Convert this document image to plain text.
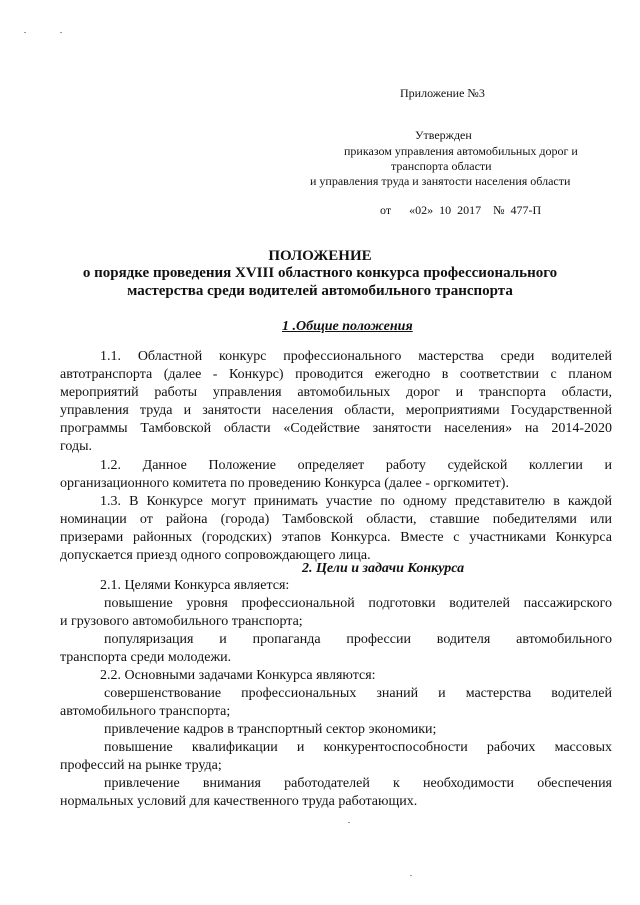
Приложение №3
Утвержден
приказом управления автомобильных дорог и
транспорта области
и управления труда и занятости населения области
от      «02»  10  2017    №  477-П
ПОЛОЖЕНИЕ
о порядке проведения XVIII областного конкурса профессионального
мастерства среди водителей автомобильного транспорта
1 .Общие положения
1.1. Областной конкурс профессионального мастерства среди водителей
автотранспорта (далее - Конкурс) проводится ежегодно в соответствии с планом
мероприятий работы управления автомобильных дорог и транспорта области,
управления труда и занятости населения области, мероприятиями Государственной
программы Тамбовской области «Содействие занятости населения» на 2014-2020
годы.
1.2. Данное Положение определяет работу судейской коллегии и
организационного комитета по проведению Конкурса (далее - оргкомитет).
1.3. В Конкурсе могут принимать участие по одному представителю в каждой
номинации от района (города) Тамбовской области, ставшие победителями или
призерами районных (городских) этапов Конкурса. Вместе с участниками Конкурса
допускается приезд одного сопровождающего лица.
2. Цели и задачи Конкурса
2.1. Целями Конкурса является:
повышение уровня профессиональной подготовки водителей пассажирского
и грузового автомобильного транспорта;
популяризация и пропаганда профессии водителя автомобильного
транспорта среди молодежи.
2.2. Основными задачами Конкурса являются:
совершенствование профессиональных знаний и мастерства водителей
автомобильного транспорта;
привлечение кадров в транспортный сектор экономики;
повышение квалификации и конкурентоспособности рабочих массовых
профессий на рынке труда;
привлечение внимания работодателей к необходимости обеспечения
нормальных условий для качественного труда работающих.
